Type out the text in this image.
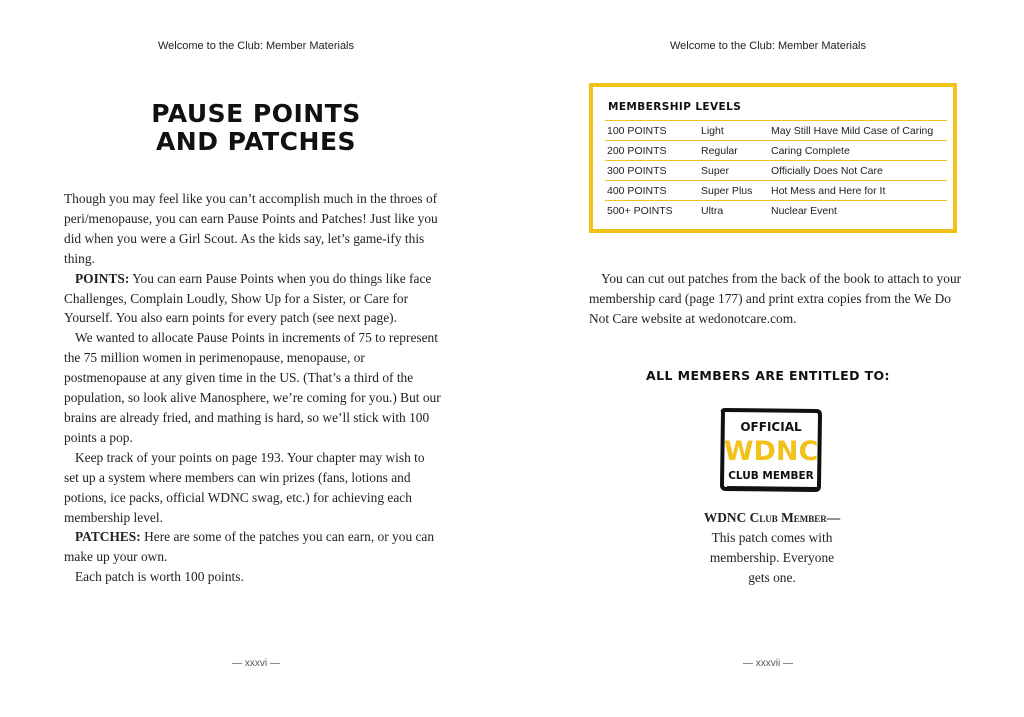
Welcome to the Club: Member Materials
PAUSE POINTS
AND PATCHES

Though you may feel like you can’t accomplish much in the throes of peri/menopause, you can earn Pause Points and Patches! Just like you did when you were a Girl Scout. As the kids say, let’s game-ify this thing.

POINTS: You can earn Pause Points when you do things like face Challenges, Complain Loudly, Show Up for a Sister, or Care for Yourself. You also earn points for every patch (see next page).

We wanted to allocate Pause Points in increments of 75 to represent the 75 million women in perimenopause, menopause, or postmenopause at any given time in the US. (That’s a third of the population, so look alive Manosphere, we’re coming for you.) But our brains are already fried, and mathing is hard, so we’ll stick with 100 points a pop.

Keep track of your points on page 193. Your chapter may wish to set up a system where members can win prizes (fans, lotions and potions, ice packs, official WDNC swag, etc.) for achieving each membership level.

PATCHES: Here are some of the patches you can earn, or you can make up your own.

Each patch is worth 100 points.

— xxxvi —
Welcome to the Club: Member Materials
MEMBERSHIP LEVELS
100 POINTS	Light	May Still Have Mild Case of Caring
200 POINTS	Regular	Caring Complete
300 POINTS	Super	Officially Does Not Care
400 POINTS	Super Plus	Hot Mess and Here for It
500+ POINTS	Ultra	Nuclear Event

You can cut out patches from the back of the book to attach to your membership card (page 177) and print extra copies from the We Do Not Care website at wedonotcare.com.

ALL MEMBERS ARE ENTITLED TO:
OFFICIAL
WDNC
CLUB MEMBER
WDNC Club Member—
This patch comes with
membership. Everyone
gets one.
— xxxvii —
